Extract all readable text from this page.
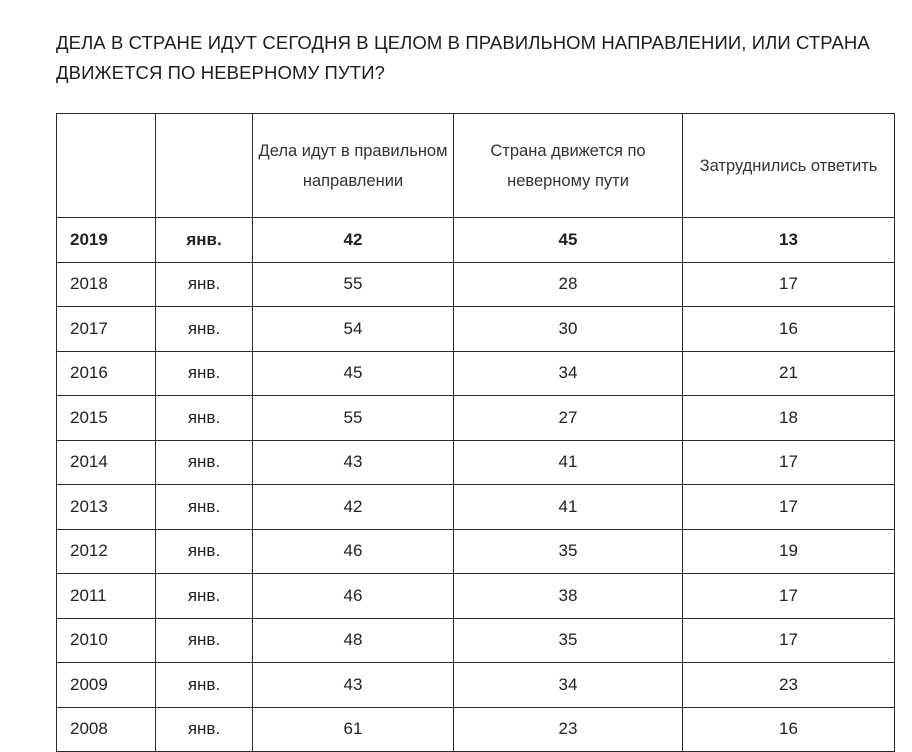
ДЕЛА В СТРАНЕ ИДУТ СЕГОДНЯ В ЦЕЛОМ В ПРАВИЛЬНОМ НАПРАВЛЕНИИ, ИЛИ СТРАНА ДВИЖЕТСЯ ПО НЕВЕРНОМУ ПУТИ?
		Дела идут в правильном направлении	Страна движется по неверному пути	Затруднились ответить
2019	янв.	42	45	13
2018	янв.	55	28	17
2017	янв.	54	30	16
2016	янв.	45	34	21
2015	янв.	55	27	18
2014	янв.	43	41	17
2013	янв.	42	41	17
2012	янв.	46	35	19
2011	янв.	46	38	17
2010	янв.	48	35	17
2009	янв.	43	34	23
2008	янв.	61	23	16
